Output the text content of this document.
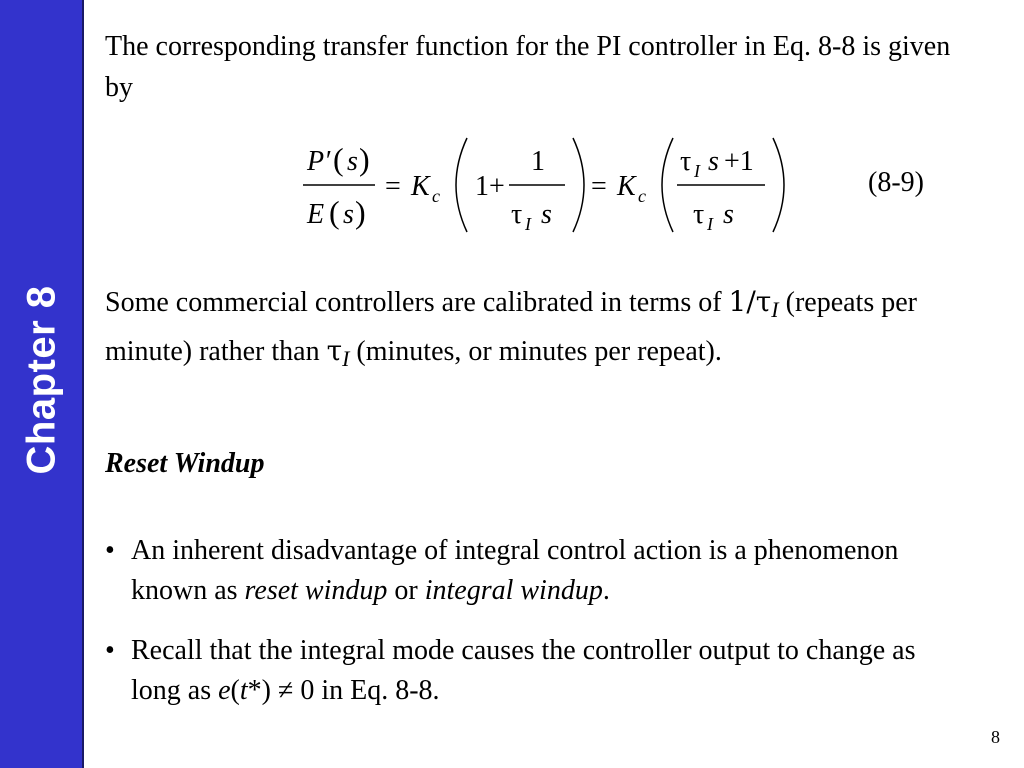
Chapter 8

The corresponding transfer function for the PI controller in Eq. 8-8 is given by

P′ ( s )
E ( s )
= K c 1+
1
τ I s
= K c
τ I s +1
τ I s
(8-9)

Some commercial controllers are calibrated in terms of $1/\tau_I$ (repeats per minute) rather than $\tau_I$ (minutes, or minutes per repeat).

Reset Windup
• An inherent disadvantage of integral control action is a phenomenon known as reset windup or integral windup.
• Recall that the integral mode causes the controller output to change as long as e(t*) ≠ 0 in Eq. 8-8.
8
